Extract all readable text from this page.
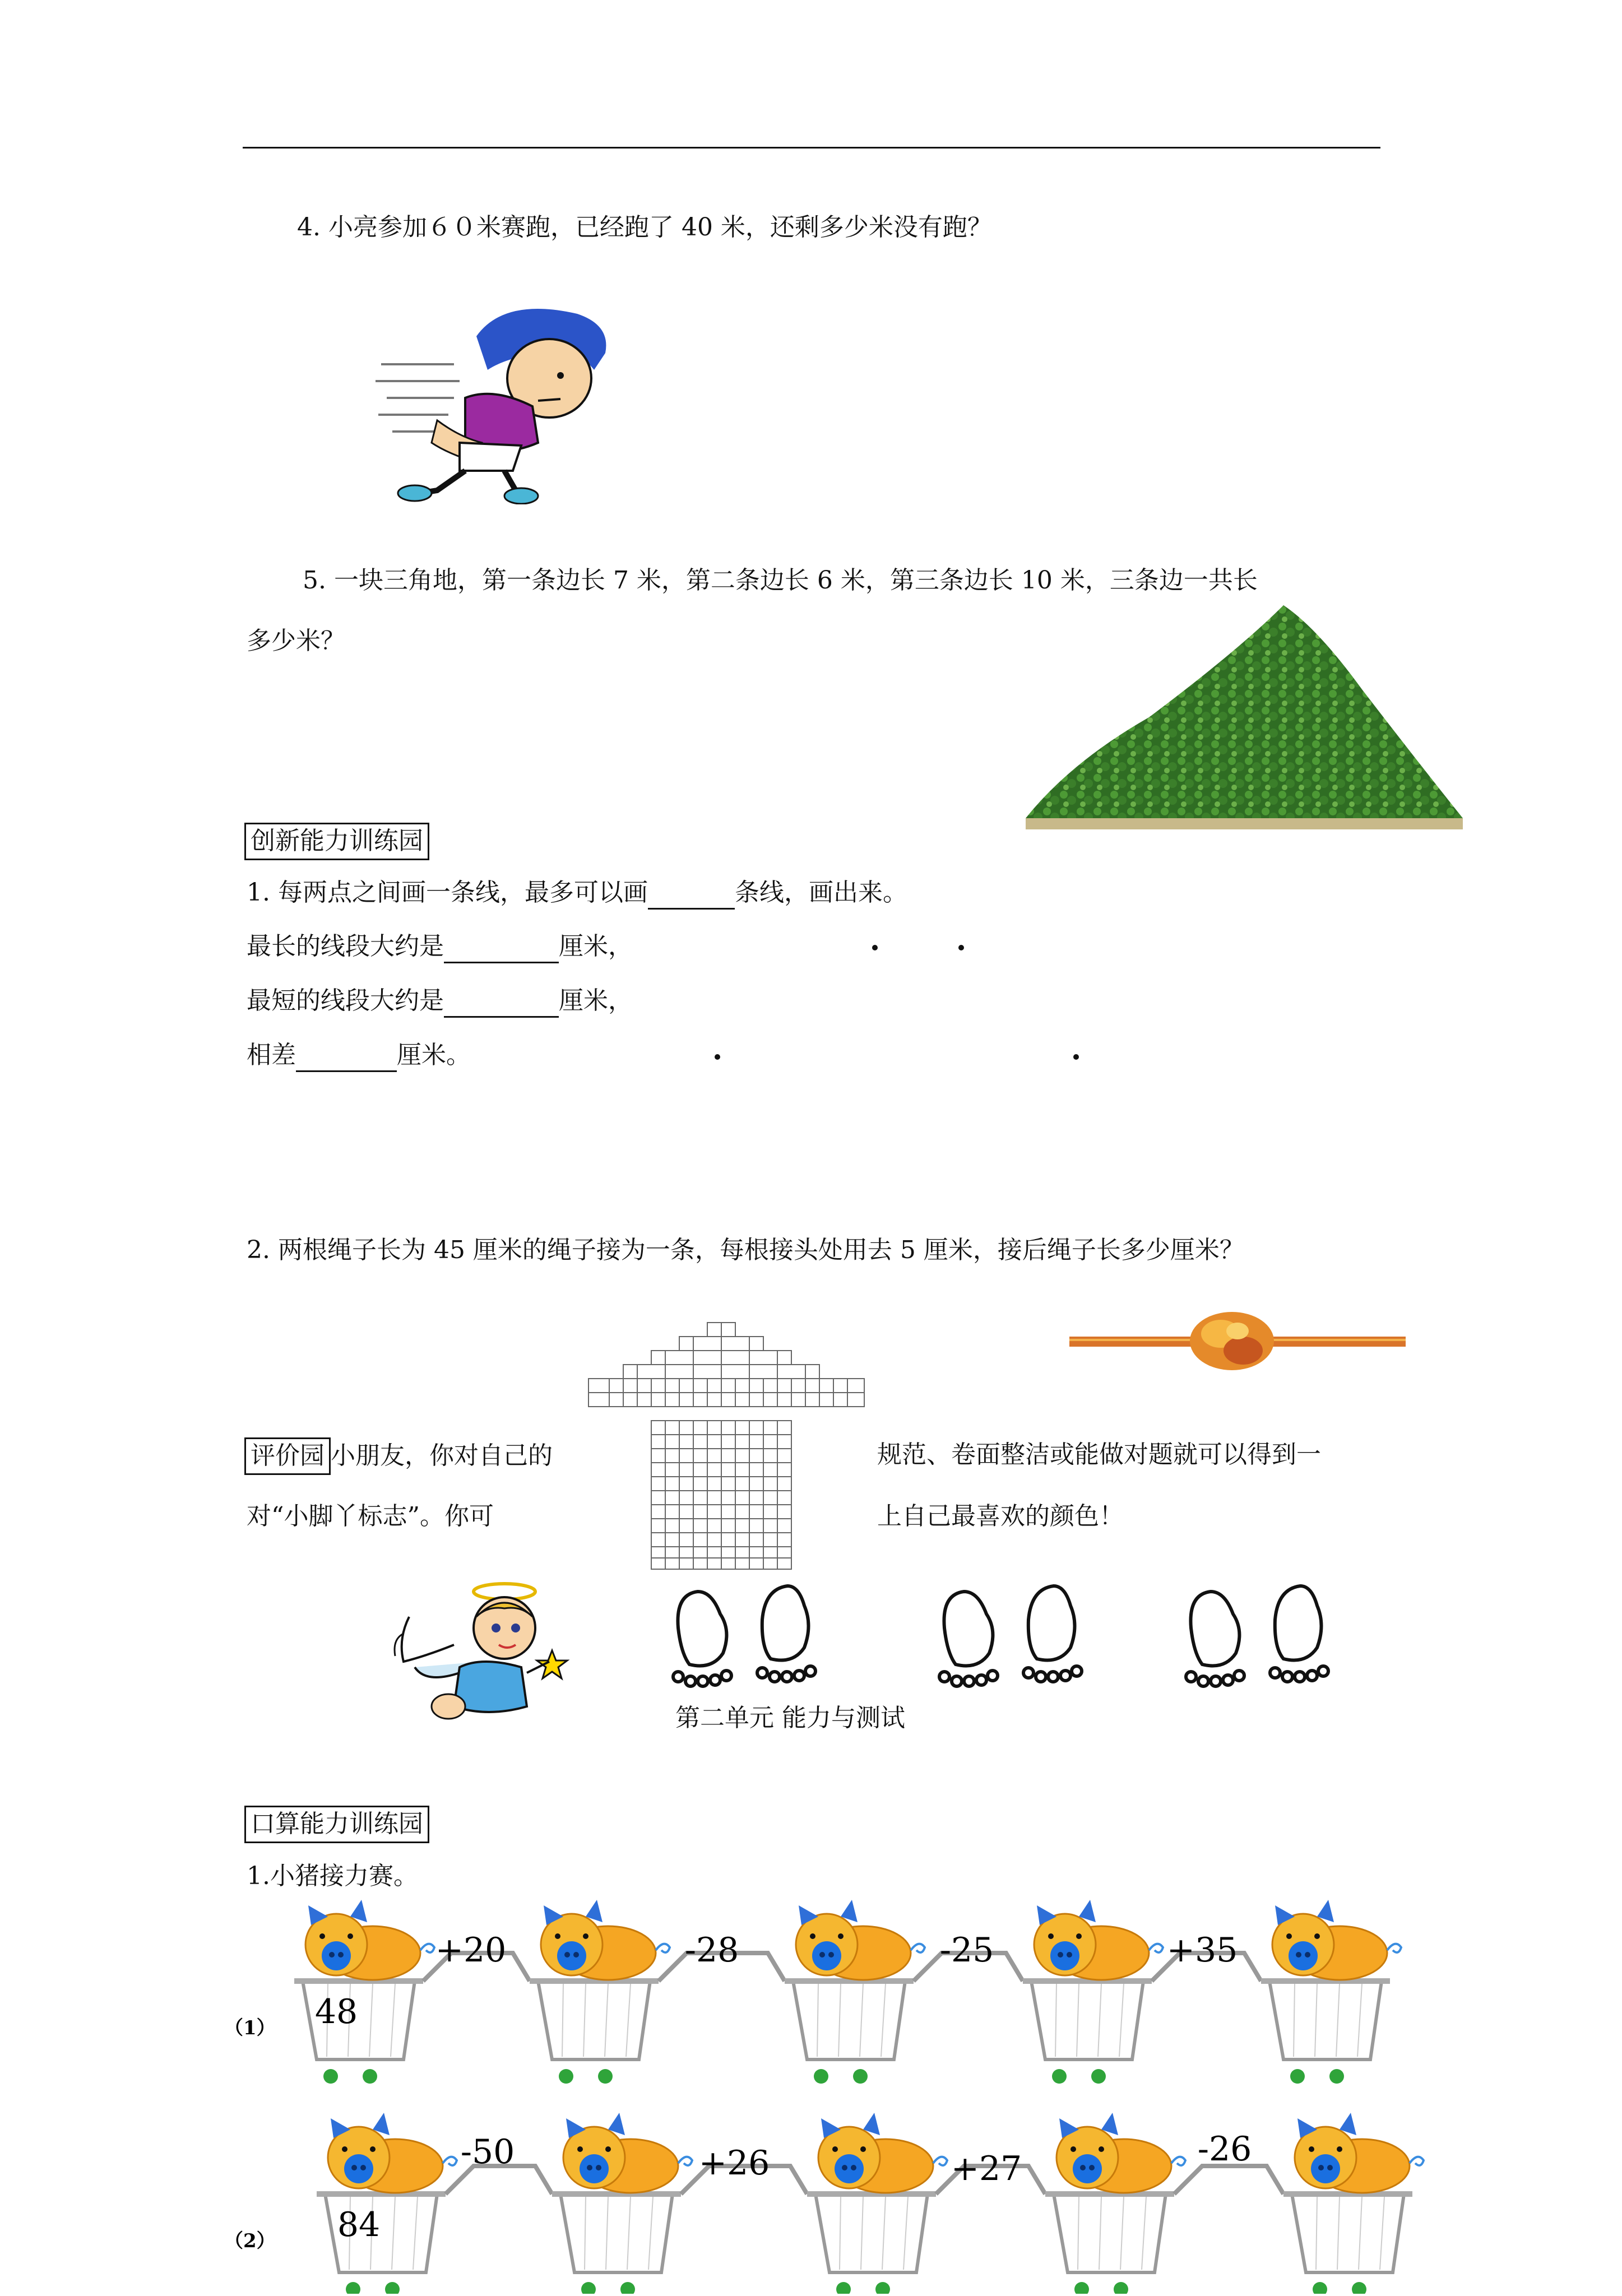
4. 小亮参加６０米赛跑，已经跑了 40 米，还剩多少米没有跑？
5. 一块三角地，第一条边长 7 米，第二条边长 6 米，第三条边长 10 米，三条边一共长
多少米？
创新能力训练园
1. 每两点之间画一条线，最多可以画	条线，画出来。
最长的线段大约是	厘米，
最短的线段大约是	厘米，
相差	厘米。
2. 两根绳子长为 45 厘米的绳子接为一条，每根接头处用去 5 厘米，接后绳子长多少厘米？
评价园 小朋友，你对自己的	规范、卷面整洁或能做对题就可以得到一
对“小脚丫标志”。你可	上自己最喜欢的颜色！
第二单元 能力与测试
口算能力训练园
1.小猪接力赛。
（1） 48
+20	-28	-25	+35
（2） 84
-50	+26	+27	-26
